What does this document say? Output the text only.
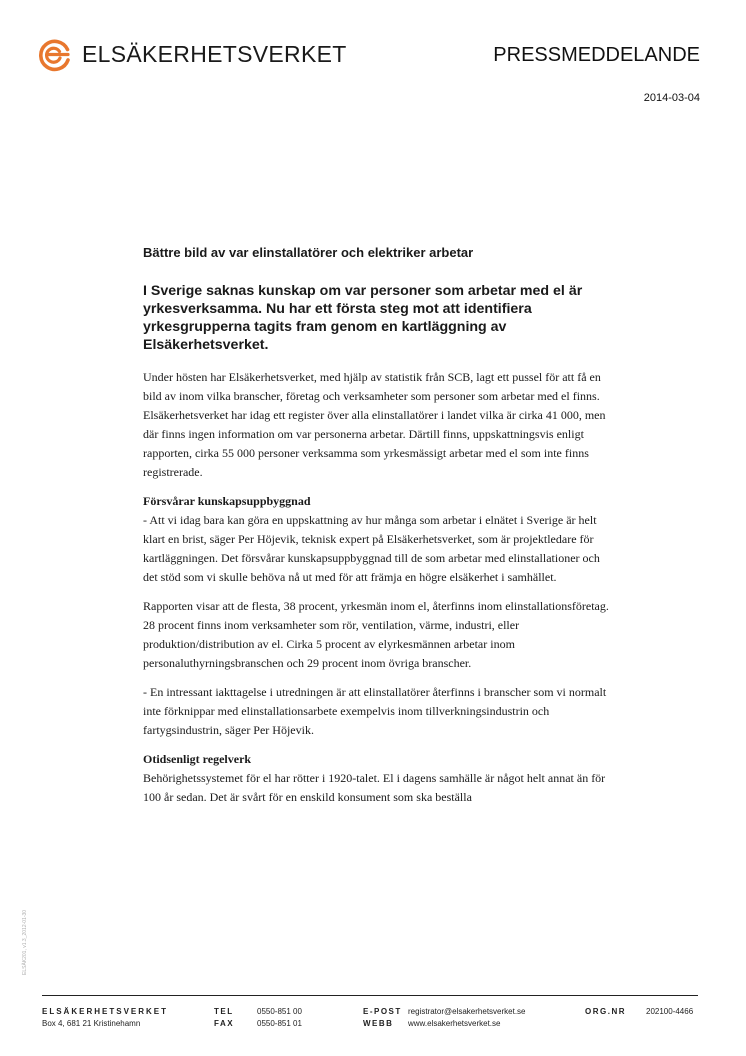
ELSÄKERHETSVERKET	PRESSMEDDELANDE
2014-03-04

Bättre bild av var elinstallatörer och elektriker arbetar

I Sverige saknas kunskap om var personer som arbetar med el är yrkesverksamma. Nu har ett första steg mot att identifiera yrkesgrupperna tagits fram genom en kartläggning av Elsäkerhetsverket.

Under hösten har Elsäkerhetsverket, med hjälp av statistik från SCB, lagt ett pussel för att få en bild av inom vilka branscher, företag och verksamheter som personer som arbetar med el finns. Elsäkerhetsverket har idag ett register över alla elinstallatörer i landet vilka är cirka 41 000, men där finns ingen information om var personerna arbetar. Därtill finns, uppskattningsvis enligt rapporten, cirka 55 000 personer verksamma som yrkesmässigt arbetar med el som inte finns registrerade.

Försvårar kunskapsuppbyggnad

- Att vi idag bara kan göra en uppskattning av hur många som arbetar i elnätet i Sverige är helt klart en brist, säger Per Höjevik, teknisk expert på Elsäkerhetsverket, som är projektledare för kartläggningen. Det försvårar kunskapsuppbyggnad till de som arbetar med elinstallationer och det stöd som vi skulle behöva nå ut med för att främja en högre elsäkerhet i samhället.

Rapporten visar att de flesta, 38 procent, yrkesmän inom el, återfinns inom elinstallationsföretag. 28 procent finns inom verksamheter som rör, ventilation, värme, industri, eller produktion/distribution av el. Cirka 5 procent av elyrkesmännen arbetar inom personaluthyrningsbranschen och 29 procent inom övriga branscher.

- En intressant iakttagelse i utredningen är att elinstallatörer återfinns i branscher som vi normalt inte förknippar med elinstallationsarbete exempelvis inom tillverkningsindustrin och fartygsindustrin, säger Per Höjevik.

Otidsenligt regelverk

Behörighetssystemet för el har rötter i 1920-talet. El i dagens samhälle är något helt annat än för 100 år sedan. Det är svårt för en enskild konsument som ska beställa

ELSÄK201, v1.3_2012-01-30
ELSÄKERHETSVERKET
Box 4, 681 21 Kristinehamn
TEL
FAX
0550-851 00
0550-851 01
E-POST
WEBB
registrator@elsakerhetsverket.se
www.elsakerhetsverket.se
ORG.NR	202100-4466
